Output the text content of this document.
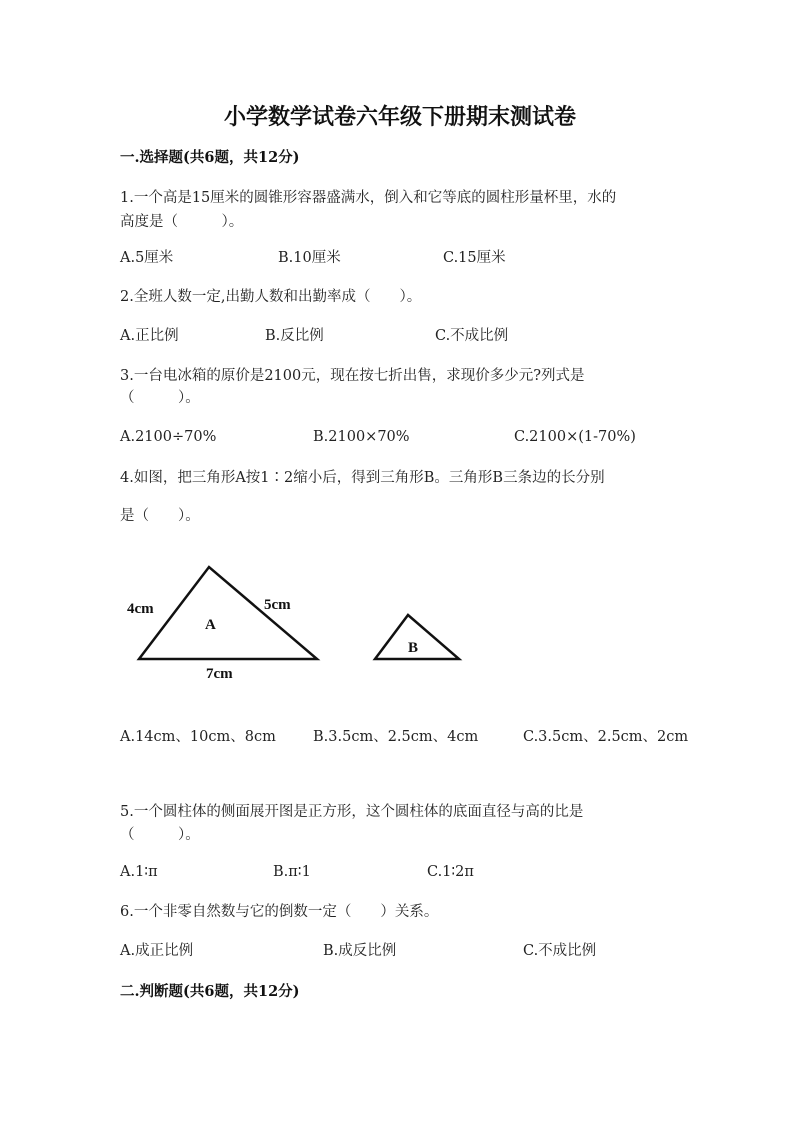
小学数学试卷六年级下册期末测试卷
一.选择题(共6题，共12分)
1.一个高是15厘米的圆锥形容器盛满水，倒入和它等底的圆柱形量杯里，水的
高度是（　　　）。
A.5厘米	B.10厘米	C.15厘米
2.全班人数一定,出勤人数和出勤率成（　　）。
A.正比例	B.反比例	C.不成比例
3.一台电冰箱的原价是2100元，现在按七折出售，求现价多少元?列式是
（　　　）。
A.2100÷70%	B.2100×70%	C.2100×(1-70%)
4.如图，把三角形A按1∶2缩小后，得到三角形B。三角形B三条边的长分别
是（　　）。
A
B
4cm	5cm
7cm
A.14cm、10cm、8cm	B.3.5cm、2.5cm、4cm	C.3.5cm、2.5cm、2cm
5.一个圆柱体的侧面展开图是正方形，这个圆柱体的底面直径与高的比是
（　　　）。
A.1∶π	B.π∶1	C.1∶2π
6.一个非零自然数与它的倒数一定（　　）关系。
A.成正比例	B.成反比例	C.不成比例
二.判断题(共6题，共12分)
